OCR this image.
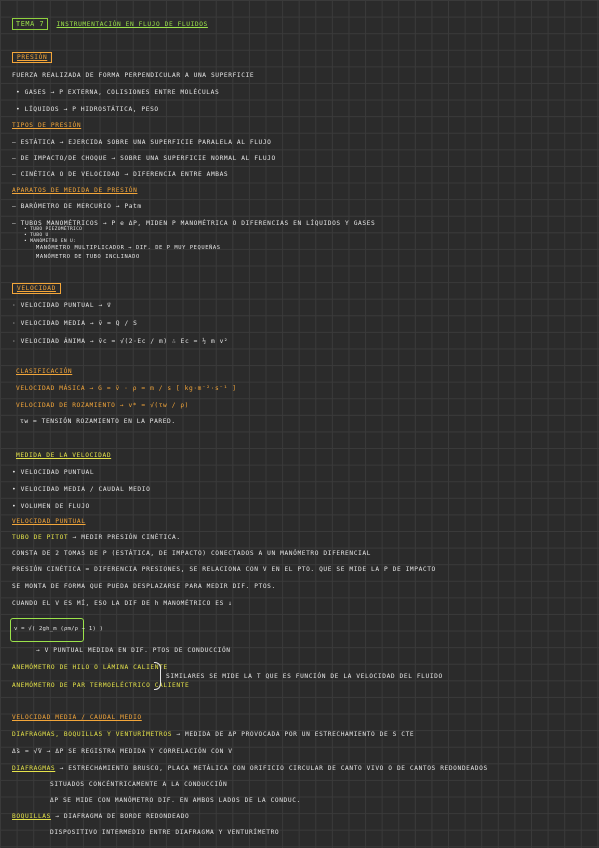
TEMA 7 INSTRUMENTACIÓN EN FLUJO DE FLUIDOS
PRESIÓN
FUERZA REALIZADA DE FORMA PERPENDICULAR A UNA SUPERFICIE
• GASES → P EXTERNA, COLISIONES ENTRE MOLÉCULAS
• LÍQUIDOS → P HIDROSTÁTICA, PESO
TIPOS DE PRESIÓN
– ESTÁTICA → EJERCIDA SOBRE UNA SUPERFICIE PARALELA AL FLUJO
– DE IMPACTO/DE CHOQUE → SOBRE UNA SUPERFICIE NORMAL AL FLUJO
– CINÉTICA O DE VELOCIDAD → DIFERENCIA ENTRE AMBAS
APARATOS DE MEDIDA DE PRESIÓN
– BARÓMETRO DE MERCURIO → Patm
– TUBOS MANOMÉTRICOS → P e ΔP, MIDEN P MANOMÉTRICA O DIFERENCIAS EN LÍQUIDOS Y GASES
• TUBO PIEZOMÉTRICO
• TUBO U
• MANÓMETRO EN U:
MANÓMETRO MULTIPLICADOR → DIF. DE P MUY PEQUEÑAS
MANÓMETRO DE TUBO INCLINADO
VELOCIDAD
· VELOCIDAD PUNTUAL → v⃗
· VELOCIDAD MEDIA → v̄ = Q / S
· VELOCIDAD ÁNIMA → v̄c = √(2·Ec / m) ∴ Ec = ½ m v²
CLASIFICACIÓN
VELOCIDAD MÁSICA → G = v̄ · ρ = m / s [ kg·m⁻²·s⁻¹ ]
VELOCIDAD DE ROZAMIENTO → v* = √(τw / ρ)
τw = TENSIÓN ROZAMIENTO EN LA PARED.
MEDIDA DE LA VELOCIDAD
• VELOCIDAD PUNTUAL
• VELOCIDAD MEDIA / CAUDAL MEDIO
• VOLUMEN DE FLUJO
VELOCIDAD PUNTUAL
TUBO DE PITOT → MEDIR PRESIÓN CINÉTICA.
CONSTA DE 2 TOMAS DE P (ESTÁTICA, DE IMPACTO) CONECTADOS A UN MANÓMETRO DIFERENCIAL
PRESIÓN CINÉTICA = DIFERENCIA PRESIONES, SE RELACIONA CON V EN EL PTO. QUE SE MIDE LA P DE IMPACTO
SE MONTA DE FORMA QUE PUEDA DESPLAZARSE PARA MEDIR DIF. PTOS.
CUANDO EL V ES MÍ, ESO LA DIF DE h MANOMÉTRICO ES ↓
v = √( 2gh_m (ρm/ρ − 1) )
→ V PUNTUAL MEDIDA EN DIF. PTOS DE CONDUCCIÓN
ANEMÓMETRO DE HILO O LÁMINA CALIENTE
ANEMÓMETRO DE PAR TERMOELÉCTRICO CALIENTE
SIMILARES SE MIDE LA T QUE ES FUNCIÓN DE LA VELOCIDAD DEL FLUIDO
VELOCIDAD MEDIA / CAUDAL MEDIO
DIAFRAGMAS, BOQUILLAS Y VENTURÍMETROS → MEDIDA DE ΔP PROVOCADA POR UN ESTRECHAMIENTO DE S CTE
Δ̄s = √̄V → ΔP SE REGISTRA MEDIDA Y CORRELACIÓN CON V
DIAFRAGMAS → ESTRECHAMIENTO BRUSCO, PLACA METÁLICA CON ORIFICIO CIRCULAR DE CANTO VIVO O DE CANTOS REDONDEADOS
SITUADOS CONCÉNTRICAMENTE A LA CONDUCCIÓN
ΔP SE MIDE CON MANÓMETRO DIF. EN AMBOS LADOS DE LA CONDUC.
BOQUILLAS → DIAFRAGMA DE BORDE REDONDEADO
DISPOSITIVO INTERMEDIO ENTRE DIAFRAGMA Y VENTURÍMETRO
